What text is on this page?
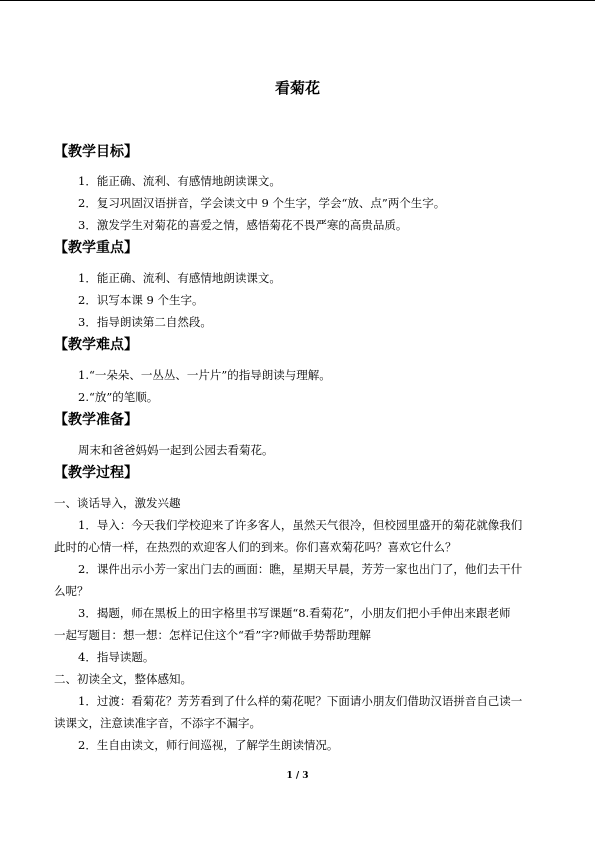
看菊花
【教学目标】
1．能正确、流利、有感情地朗读课文。
2．复习巩固汉语拼音，学会读文中 9 个生字，学会“放、点”两个生字。
3．激发学生对菊花的喜爱之情，感悟菊花不畏严寒的高贵品质。
【教学重点】
1．能正确、流利、有感情地朗读课文。
2．识写本课 9 个生字。
3．指导朗读第二自然段。
【教学难点】
1.“一朵朵、一丛丛、一片片”的指导朗读与理解。
2.“放”的笔顺。
【教学准备】
周末和爸爸妈妈一起到公园去看菊花。
【教学过程】
一、谈话导入，激发兴趣
1．导入：今天我们学校迎来了许多客人，虽然天气很冷，但校园里盛开的菊花就像我们
此时的心情一样，在热烈的欢迎客人们的到来。你们喜欢菊花吗？喜欢它什么？
2．课件出示小芳一家出门去的画面：瞧，星期天早晨，芳芳一家也出门了，他们去干什
么呢？
3．揭题，师在黑板上的田字格里书写课题“8.看菊花”，小朋友们把小手伸出来跟老师
一起写题目：想一想：怎样记住这个“看”字?师做手势帮助理解
4．指导读题。
二、初读全文，整体感知。
1．过渡：看菊花？芳芳看到了什么样的菊花呢？下面请小朋友们借助汉语拼音自己读一
读课文，注意读准字音，不添字不漏字。
2．生自由读文，师行间巡视，了解学生朗读情况。
1 / 3
